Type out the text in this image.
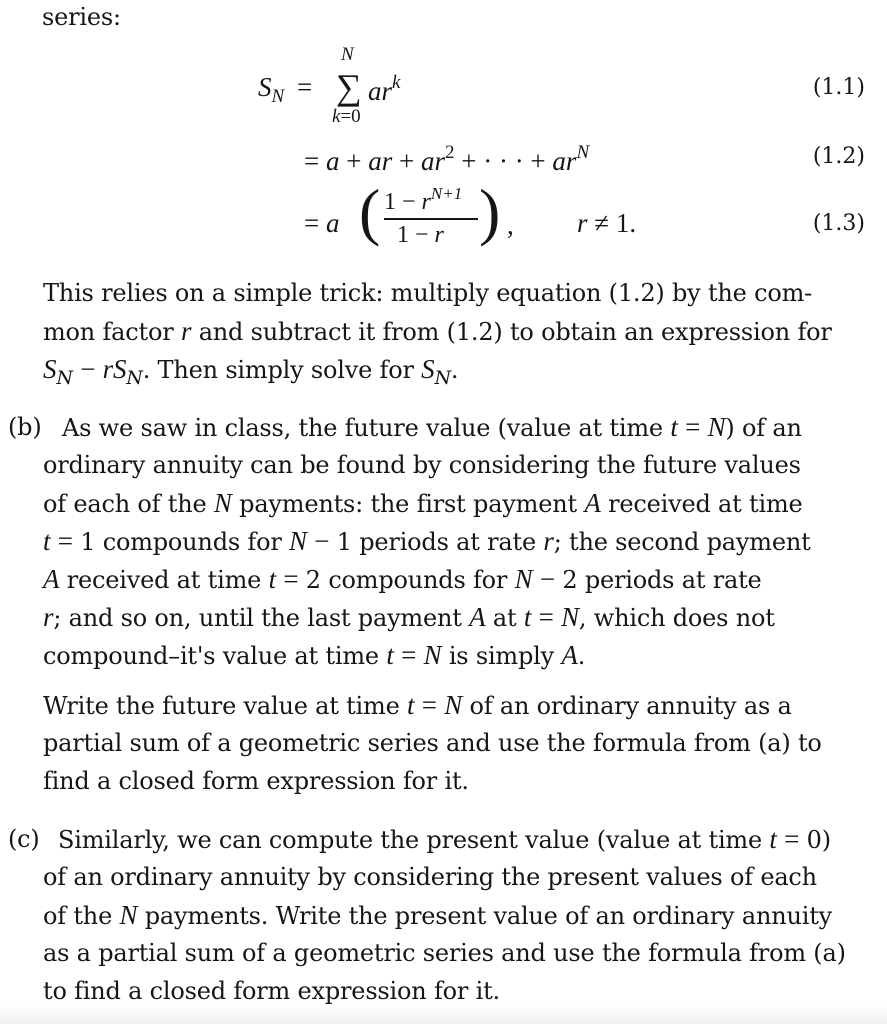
series:
$S_N$ =
N
∑
k=0
$ar^k$	(1.1)
= a + ar + $ar^2$ + · · · + $ar^N$	(1.2)
= a ( $1 - r^{N+1}$
1 − r ) , r ≠ 1.	(1.3)
This relies on a simple trick: multiply equation (1.2) by the com-
mon factor r and subtract it from (1.2) to obtain an expression for
$S_N - rS_N$. Then simply solve for $S_N$.
(b) As we saw in class, the future value (value at time t = N) of an
ordinary annuity can be found by considering the future values
of each of the N payments: the first payment A received at time
t = 1 compounds for N − 1 periods at rate r; the second payment
A received at time t = 2 compounds for N − 2 periods at rate
r; and so on, until the last payment A at t = N, which does not
compound–it's value at time t = N is simply A.
Write the future value at time t = N of an ordinary annuity as a
partial sum of a geometric series and use the formula from (a) to
find a closed form expression for it.
(c) Similarly, we can compute the present value (value at time t = 0)
of an ordinary annuity by considering the present values of each
of the N payments. Write the present value of an ordinary annuity
as a partial sum of a geometric series and use the formula from (a)
to find a closed form expression for it.
